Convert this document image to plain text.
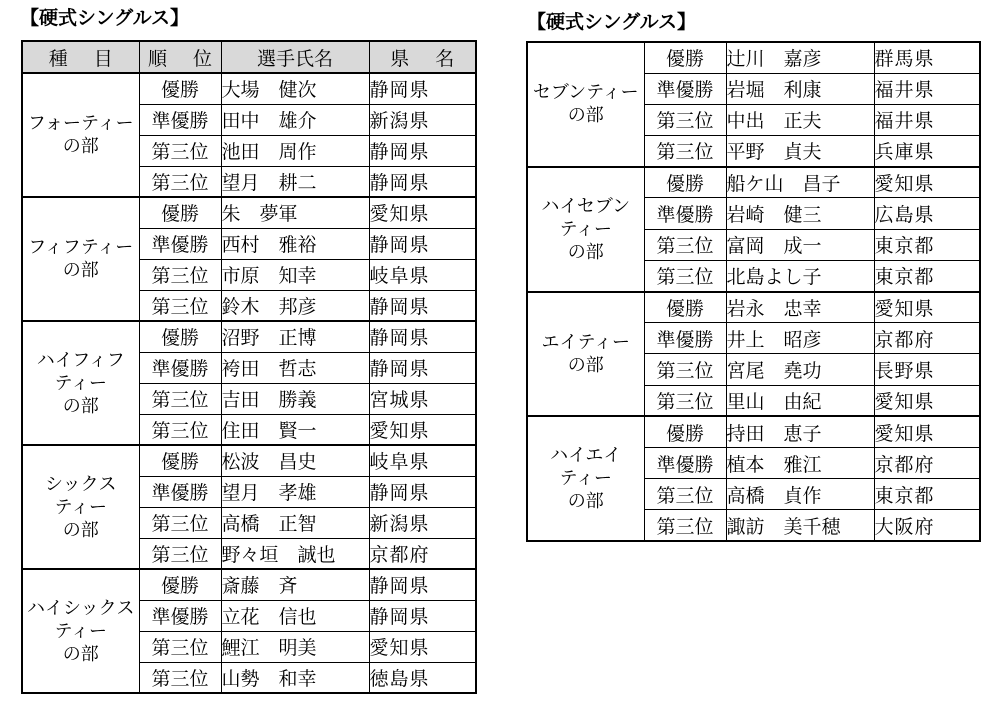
【硬式シングルス】
種 目	順 位	選手氏名	県 名
フォーティー
の部	優勝	大場　健次	静岡県
	準優勝	田中　雄介	新潟県
	第三位	池田　周作	静岡県
	第三位	望月　耕二	静岡県
フィフティー
の部	優勝	朱　夢軍	愛知県
	準優勝	西村　雅裕	静岡県
	第三位	市原　知幸	岐阜県
	第三位	鈴木　邦彦	静岡県
ハイフィフ
ティー
の部	優勝	沼野　正博	静岡県
	準優勝	袴田　哲志	静岡県
	第三位	吉田　勝義	宮城県
	第三位	住田　賢一	愛知県
シックス
ティー
の部	優勝	松波　昌史	岐阜県
	準優勝	望月　孝雄	静岡県
	第三位	高橋　正智	新潟県
	第三位	野々垣　誠也	京都府
ハイシックス
ティー
の部	優勝	斎藤　斉	静岡県
	準優勝	立花　信也	静岡県
	第三位	鯉江　明美	愛知県
	第三位	山勢　和幸	徳島県
【硬式シングルス】
セブンティー
の部	優勝	辻川　嘉彦	群馬県
	準優勝	岩堀　利康	福井県
	第三位	中出　正夫	福井県
	第三位	平野　貞夫	兵庫県
ハイセブン
ティー
の部	優勝	船ケ山　昌子	愛知県
	準優勝	岩崎　健三	広島県
	第三位	富岡　成一	東京都
	第三位	北島よし子	東京都
エイティー
の部	優勝	岩永　忠幸	愛知県
	準優勝	井上　昭彦	京都府
	第三位	宮尾　堯功	長野県
	第三位	里山　由紀	愛知県
ハイエイ
ティー
の部	優勝	持田　恵子	愛知県
	準優勝	植本　雅江	京都府
	第三位	高橋　貞作	東京都
	第三位	諏訪　美千穂	大阪府
